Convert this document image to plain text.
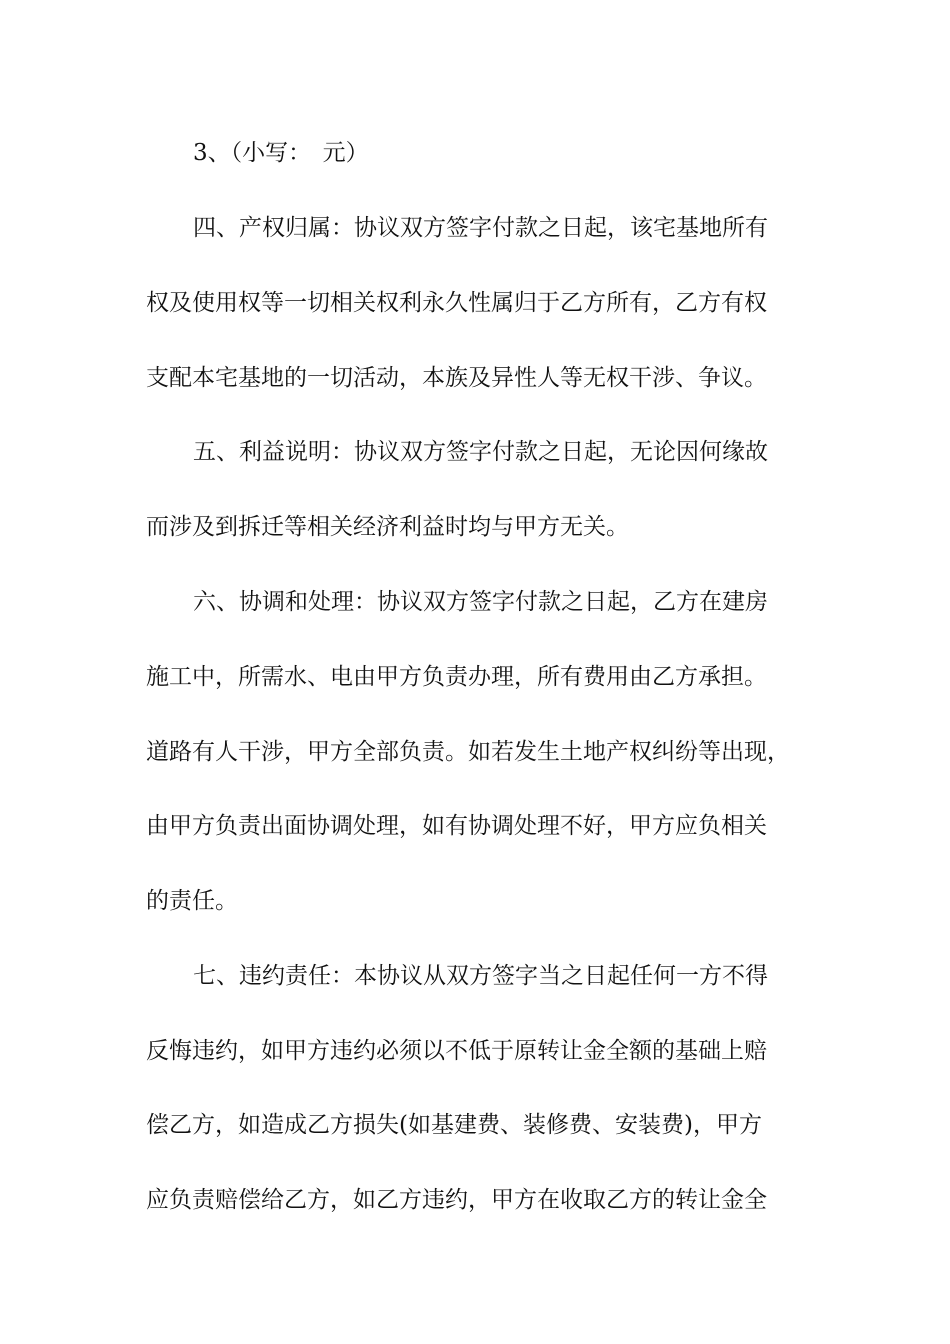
3、（小写：　元）
四、产权归属：协议双方签字付款之日起，该宅基地所有
权及使用权等一切相关权利永久性属归于乙方所有，乙方有权
支配本宅基地的一切活动，本族及异性人等无权干涉、争议。
五、利益说明：协议双方签字付款之日起，无论因何缘故
而涉及到拆迁等相关经济利益时均与甲方无关。
六、协调和处理：协议双方签字付款之日起，乙方在建房
施工中，所需水、电由甲方负责办理，所有费用由乙方承担。
道路有人干涉，甲方全部负责。如若发生土地产权纠纷等出现，
由甲方负责出面协调处理，如有协调处理不好，甲方应负相关
的责任。
七、违约责任：本协议从双方签字当之日起任何一方不得
反悔违约，如甲方违约必须以不低于原转让金全额的基础上赔
偿乙方，如造成乙方损失(如基建费、装修费、安装费)，甲方
应负责赔偿给乙方，如乙方违约，甲方在收取乙方的转让金全
